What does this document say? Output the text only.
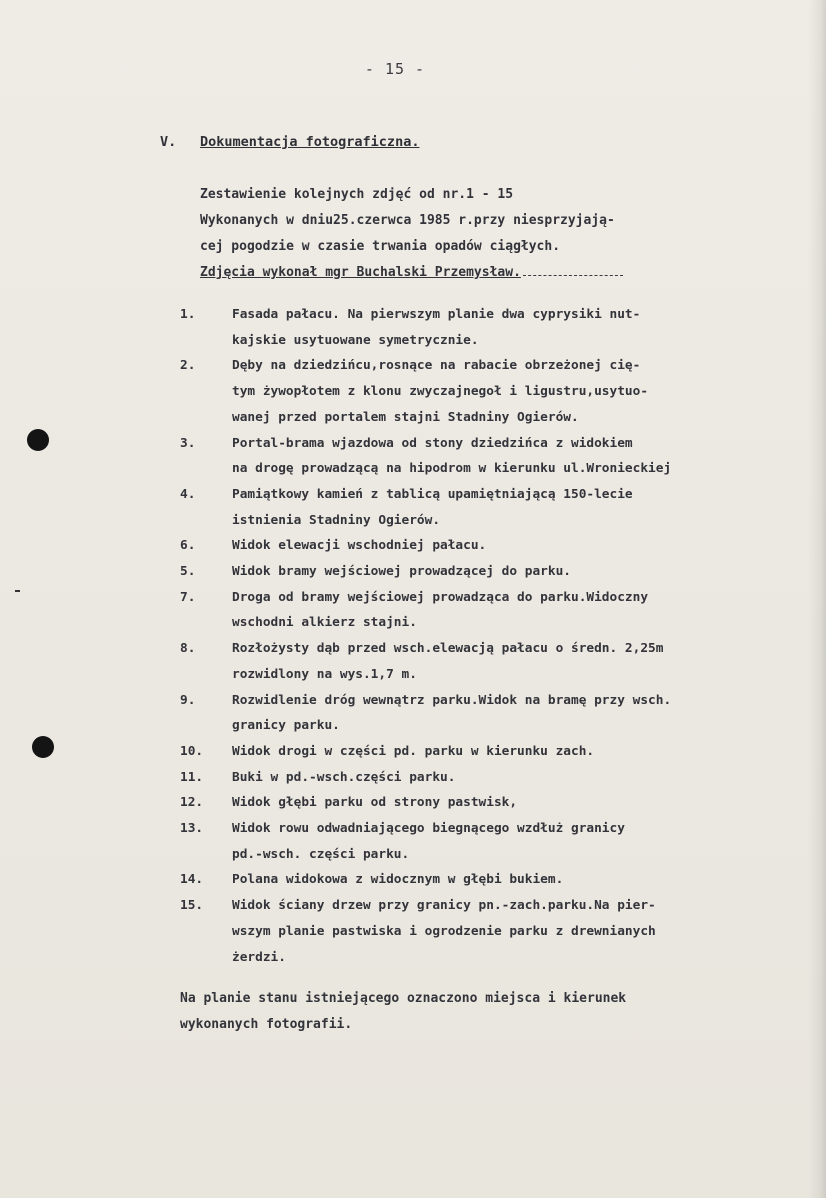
- 15 -
V. Dokumentacja fotograficzna.
Zestawienie kolejnych zdjęć od nr.1 - 15
Wykonanych w dniu25.czerwca 1985 r.przy niesprzyjają-
cej pogodzie w czasie trwania opadów ciągłych.
Zdjęcia wykonał mgr Buchalski Przemysław.
1.	Fasada pałacu. Na pierwszym planie dwa cyprysiki nut-
kajskie usytuowane symetrycznie.
2.	Dęby na dziedzińcu,rosnące na rabacie obrzeżonej cię-
tym żywopłotem z klonu zwyczajnegoł i ligustru,usytuo-
wanej przed portalem stajni Stadniny Ogierów.
3.	Portal-brama wjazdowa od stony dziedzińca z widokiem
na drogę prowadzącą na hipodrom w kierunku ul.Wronieckiej
4.	Pamiątkowy kamień z tablicą upamiętniającą 150-lecie
istnienia Stadniny Ogierów.
6.	Widok elewacji wschodniej pałacu.
5.	Widok bramy wejściowej prowadzącej do parku.
7.	Droga od bramy wejściowej prowadząca do parku.Widoczny
wschodni alkierz stajni.
8.	Rozłożysty dąb przed wsch.elewacją pałacu o średn. 2,25m
rozwidlony na wys.1,7 m.
9.	Rozwidlenie dróg wewnątrz parku.Widok na bramę przy wsch.
granicy parku.
10.	Widok drogi w części pd. parku w kierunku zach.
11.	Buki w pd.-wsch.części parku.
12.	Widok głębi parku od strony pastwisk,
13.	Widok rowu odwadniającego biegnącego wzdłuż granicy
pd.-wsch. części parku.
14.	Polana widokowa z widocznym w głębi bukiem.
15.	Widok ściany drzew przy granicy pn.-zach.parku.Na pier-
wszym planie pastwiska i ogrodzenie parku z drewnianych
żerdzi.
Na planie stanu istniejącego oznaczono miejsca i kierunek
wykonanych fotografii.
